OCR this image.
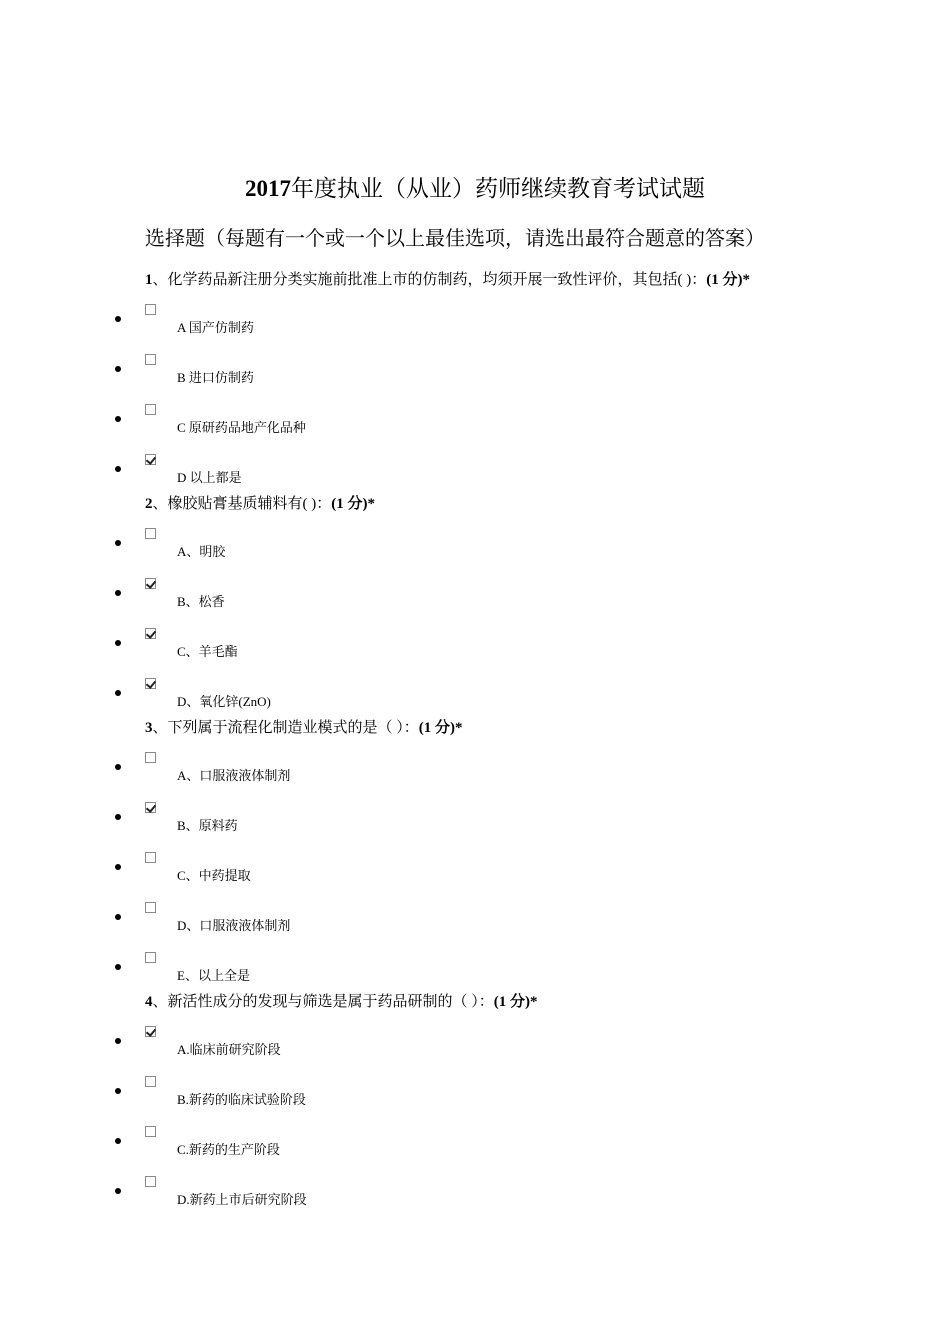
2017年度执业（从业）药师继续教育考试试题
选择题（每题有一个或一个以上最佳选项，请选出最符合题意的答案）
1、化学药品新注册分类实施前批准上市的仿制药，均须开展一致性评价，其包括( )：(1 分)*
A 国产仿制药
B 进口仿制药
C 原研药品地产化品种
D 以上都是
2、橡胶贴膏基质辅料有( )：(1 分)*
A、明胶
B、松香
C、羊毛酯
D、氧化锌(ZnO)
3、下列属于流程化制造业模式的是（ ）：(1 分)*
A、口服液液体制剂
B、原料药
C、中药提取
D、口服液液体制剂
E、以上全是
4、新活性成分的发现与筛选是属于药品研制的（ ）：(1 分)*
A.临床前研究阶段
B.新药的临床试验阶段
C.新药的生产阶段
D.新药上市后研究阶段
